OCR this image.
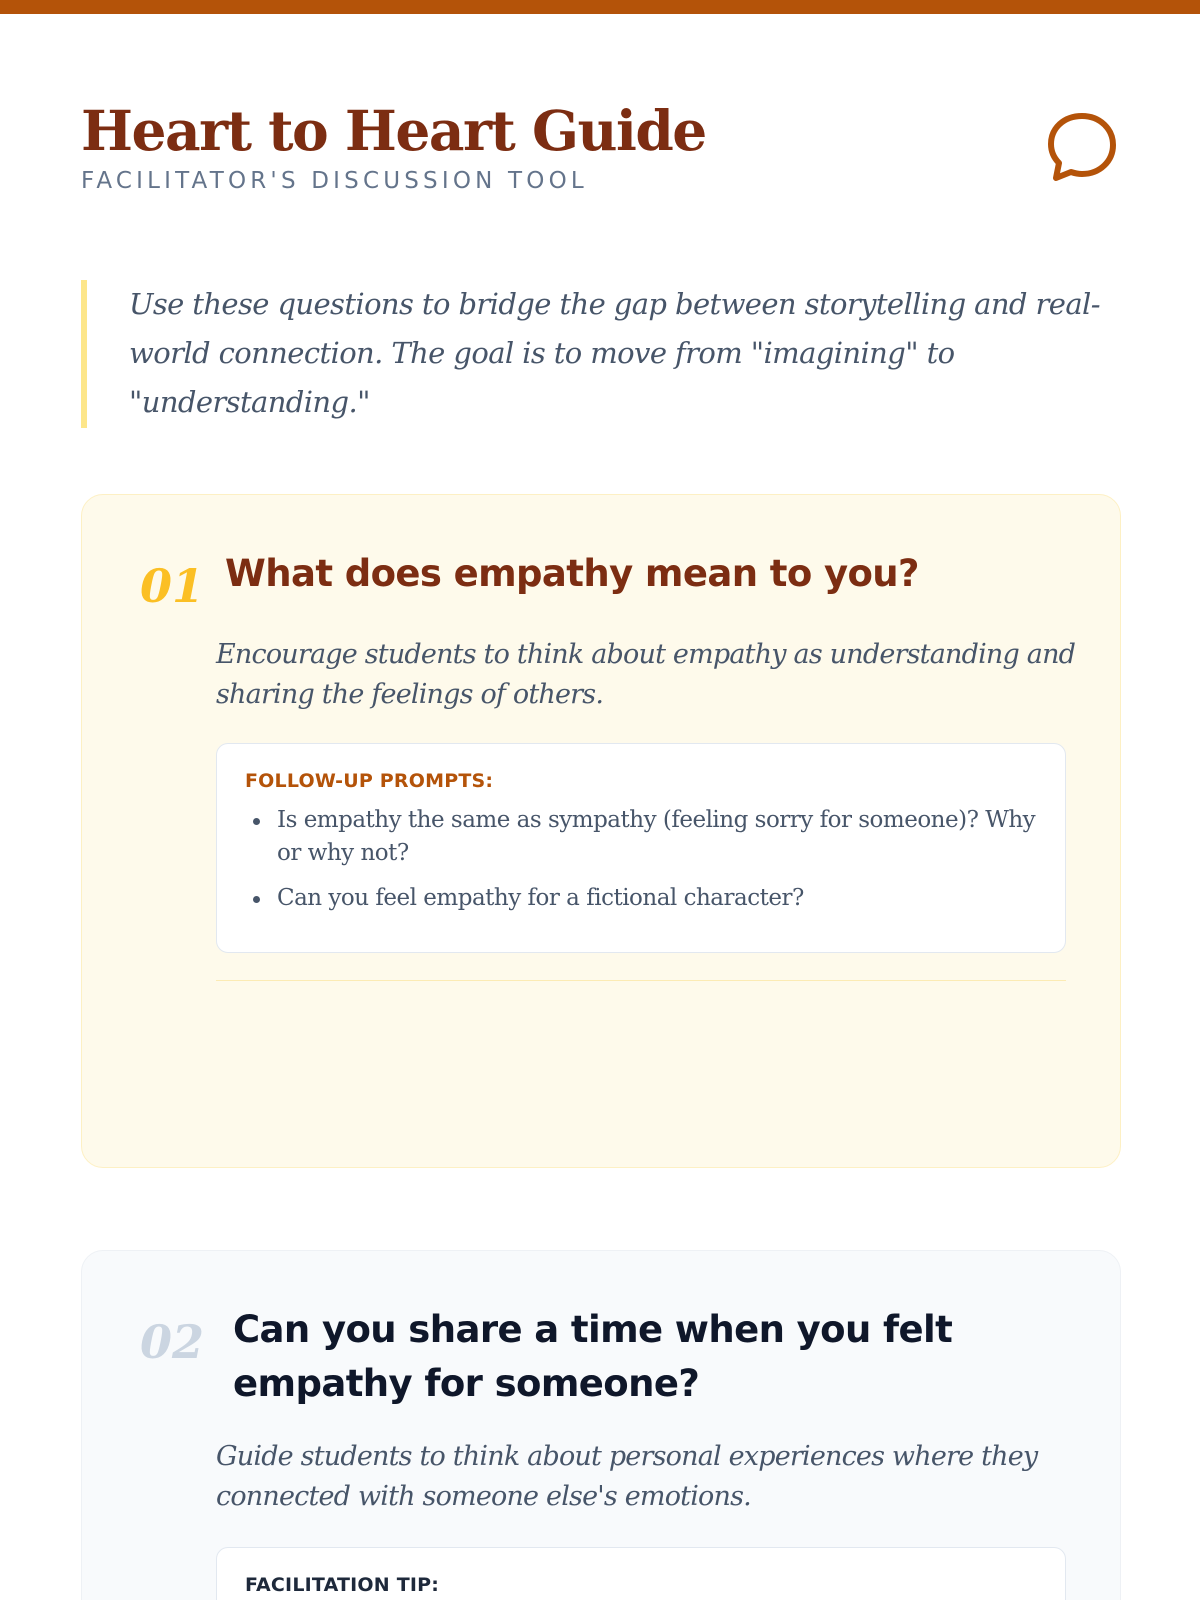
Heart to Heart Guide
FACILITATOR'S DISCUSSION TOOL

Use these questions to bridge the gap between storytelling and real-world connection. The goal is to move from "imagining" to "understanding."

01 What does empathy mean to you?

Encourage students to think about empathy as understanding and sharing the feelings of others.

FOLLOW-UP PROMPTS:
Is empathy the same as sympathy (feeling sorry for someone)? Why or why not?
Can you feel empathy for a fictional character?
02 Can you share a time when you felt empathy for someone?

Guide students to think about personal experiences where they connected with someone else's emotions.

FACILITATION TIP:
